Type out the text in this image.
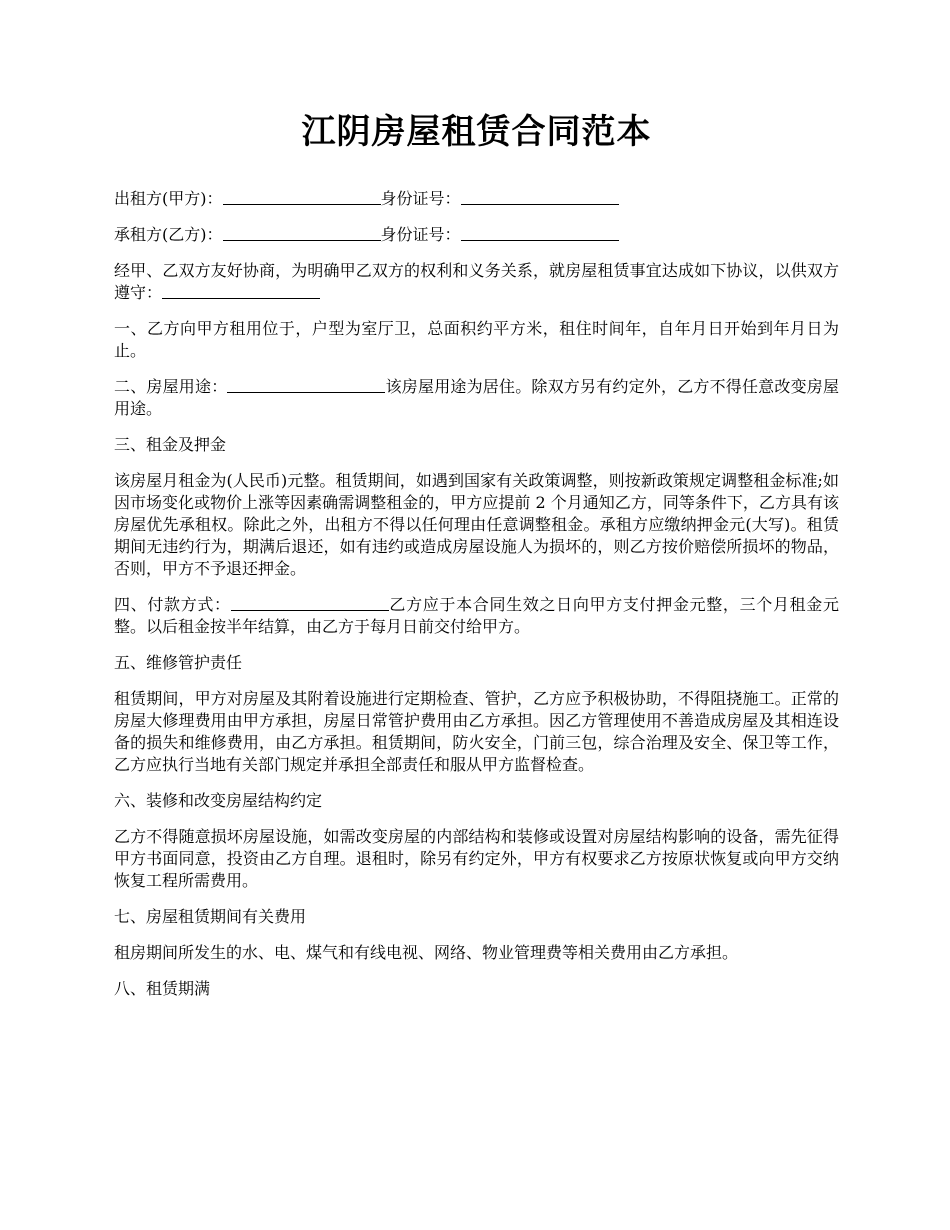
江阴房屋租赁合同范本

出租方(甲方)：	身份证号：

承租方(乙方)：	身份证号：

经甲、乙双方友好协商，为明确甲乙双方的权利和义务关系，就房屋租赁事宜达成如下协议，以供双方遵守：

一、乙方向甲方租用位于，户型为室厅卫，总面积约平方米，租住时间年，自年月日开始到年月日为止。

二、房屋用途：	该房屋用途为居住。除双方另有约定外，乙方不得任意改变房屋用途。

三、租金及押金

该房屋月租金为(人民币)元整。租赁期间，如遇到国家有关政策调整，则按新政策规定调整租金标准;如因市场变化或物价上涨等因素确需调整租金的，甲方应提前 2 个月通知乙方，同等条件下，乙方具有该房屋优先承租权。除此之外，出租方不得以任何理由任意调整租金。承租方应缴纳押金元(大写)。租赁期间无违约行为，期满后退还，如有违约或造成房屋设施人为损坏的，则乙方按价赔偿所损坏的物品，否则，甲方不予退还押金。

四、付款方式：	乙方应于本合同生效之日向甲方支付押金元整，三个月租金元整。以后租金按半年结算，由乙方于每月日前交付给甲方。

五、维修管护责任

租赁期间，甲方对房屋及其附着设施进行定期检查、管护，乙方应予积极协助，不得阻挠施工。正常的房屋大修理费用由甲方承担，房屋日常管护费用由乙方承担。因乙方管理使用不善造成房屋及其相连设备的损失和维修费用，由乙方承担。租赁期间，防火安全，门前三包，综合治理及安全、保卫等工作，乙方应执行当地有关部门规定并承担全部责任和服从甲方监督检查。

六、装修和改变房屋结构约定

乙方不得随意损坏房屋设施，如需改变房屋的内部结构和装修或设置对房屋结构影响的设备，需先征得甲方书面同意，投资由乙方自理。退租时，除另有约定外，甲方有权要求乙方按原状恢复或向甲方交纳恢复工程所需费用。

七、房屋租赁期间有关费用

租房期间所发生的水、电、煤气和有线电视、网络、物业管理费等相关费用由乙方承担。

八、租赁期满
